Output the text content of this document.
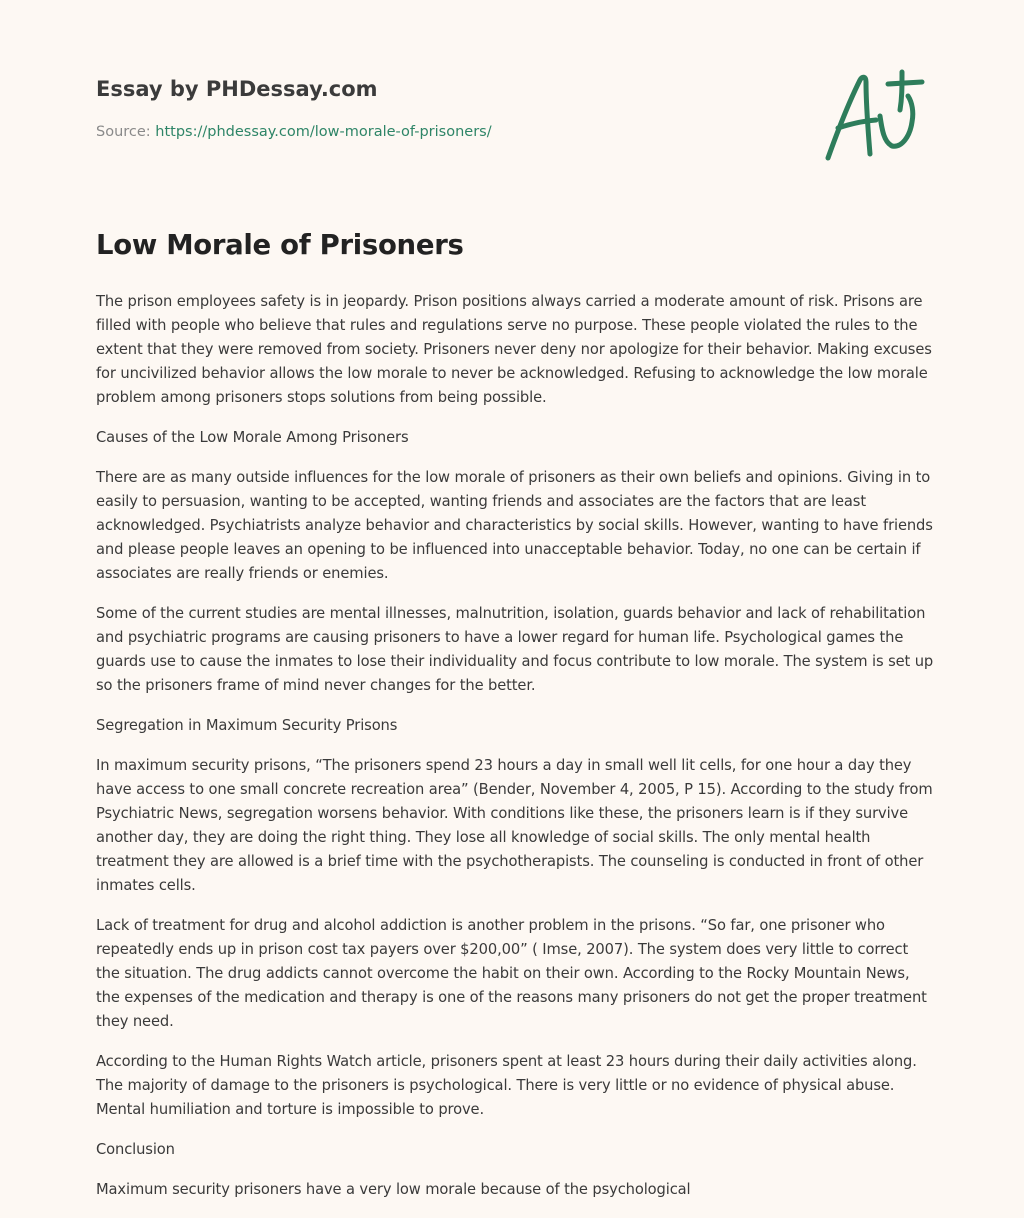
Essay by PHDessay.com
Source: https://phdessay.com/low-morale-of-prisoners/
Low Morale of Prisoners

The prison employees safety is in jeopardy. Prison positions always carried a moderate amount of risk. Prisons are filled with people who believe that rules and regulations serve no purpose. These people violated the rules to the extent that they were removed from society. Prisoners never deny nor apologize for their behavior. Making excuses for uncivilized behavior allows the low morale to never be acknowledged. Refusing to acknowledge the low morale problem among prisoners stops solutions from being possible.

Causes of the Low Morale Among Prisoners

There are as many outside influences for the low morale of prisoners as their own beliefs and opinions. Giving in to easily to persuasion, wanting to be accepted, wanting friends and associates are the factors that are least acknowledged. Psychiatrists analyze behavior and characteristics by social skills. However, wanting to have friends and please people leaves an opening to be influenced into unacceptable behavior. Today, no one can be certain if associates are really friends or enemies.

Some of the current studies are mental illnesses, malnutrition, isolation, guards behavior and lack of rehabilitation and psychiatric programs are causing prisoners to have a lower regard for human life. Psychological games the guards use to cause the inmates to lose their individuality and focus contribute to low morale. The system is set up so the prisoners frame of mind never changes for the better.

Segregation in Maximum Security Prisons

In maximum security prisons, “The prisoners spend 23 hours a day in small well lit cells, for one hour a day they have access to one small concrete recreation area” (Bender, November 4, 2005, P 15). According to the study from Psychiatric News, segregation worsens behavior. With conditions like these, the prisoners learn is if they survive another day, they are doing the right thing. They lose all knowledge of social skills. The only mental health treatment they are allowed is a brief time with the psychotherapists. The counseling is conducted in front of other inmates cells.

Lack of treatment for drug and alcohol addiction is another problem in the prisons. “So far, one prisoner who repeatedly ends up in prison cost tax payers over $200,00” ( Imse, 2007). The system does very little to correct the situation. The drug addicts cannot overcome the habit on their own. According to the Rocky Mountain News, the expenses of the medication and therapy is one of the reasons many prisoners do not get the proper treatment they need.

According to the Human Rights Watch article, prisoners spent at least 23 hours during their daily activities along. The majority of damage to the prisoners is psychological. There is very little or no evidence of physical abuse. Mental humiliation and torture is impossible to prove.

Conclusion

Maximum security prisoners have a very low morale because of the psychological
